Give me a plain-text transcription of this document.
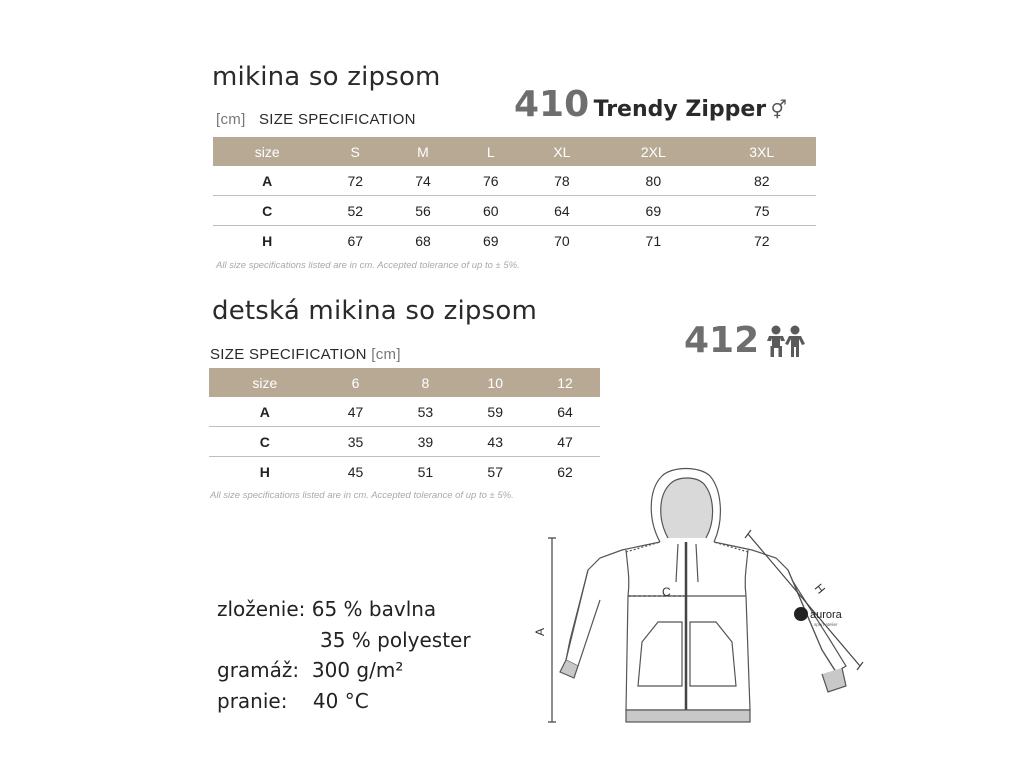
mikina so zipsom
[cm] SIZE SPECIFICATION	410 Trendy Zipper ⚥
size	S	M	L	XL	2XL	3XL
A	72	74	76	78	80	82
C	52	56	60	64	69	75
H	67	68	69	70	71	72
All size specifications listed are in cm. Accepted tolerance of up to ± 5%.
detská mikina so zipsom
SIZE SPECIFICATION [cm]	412
size	6	8	10	12
A	47	53	59	64
C	35	39	43	47
H	45	51	57	62
All size specifications listed are in cm. Accepted tolerance of up to ± 5%.
zloženie: 65 % bavlna
35 % polyester
gramáž: 300 g/m²
pranie: 40 °C
aurora
sport atelier
A
C	H
